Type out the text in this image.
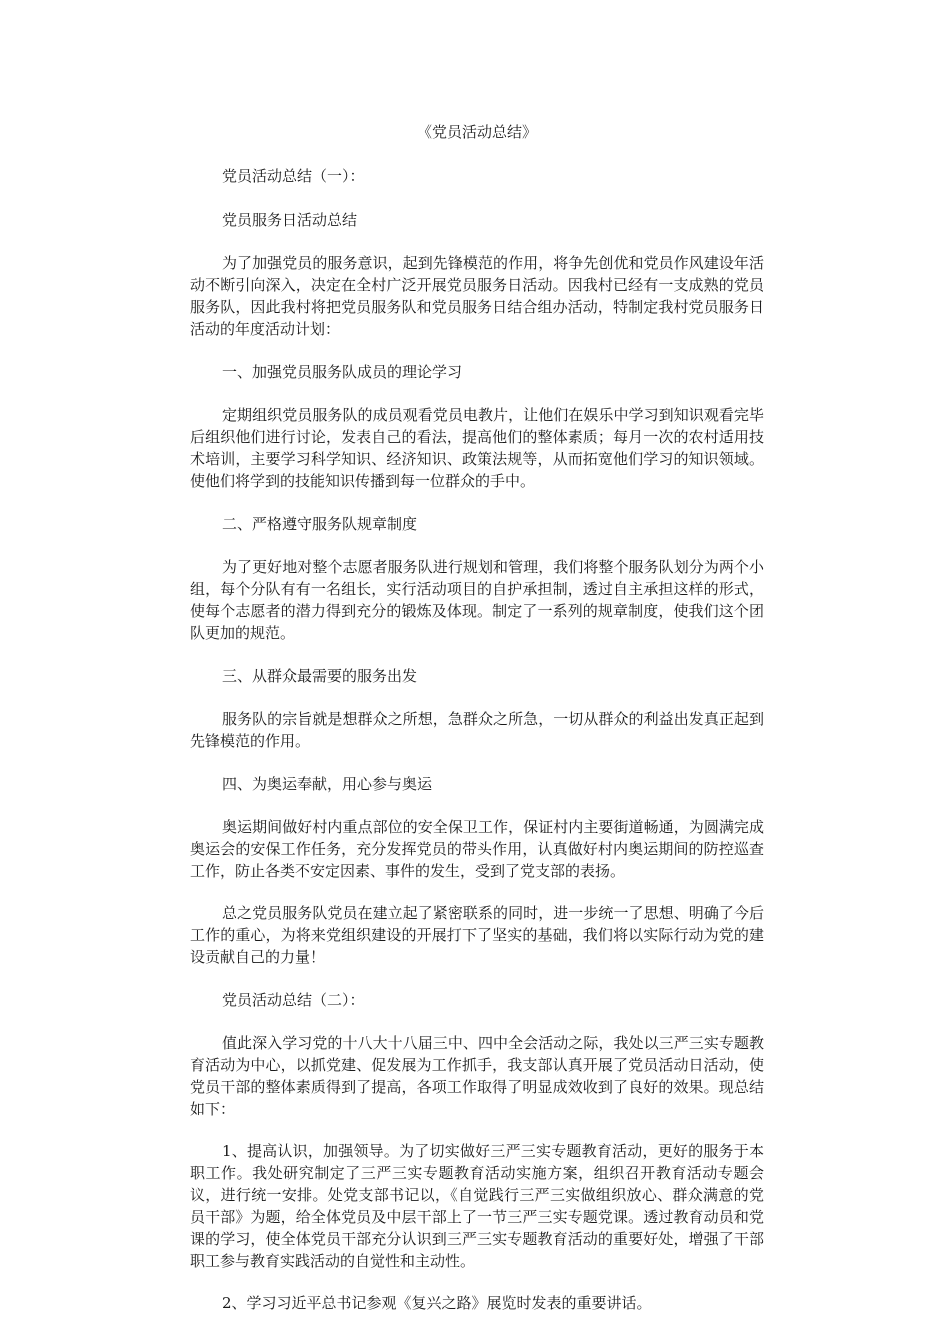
《党员活动总结》
党员活动总结（一）：
党员服务日活动总结

为了加强党员的服务意识，起到先锋模范的作用，将争先创优和党员作风建设年活动不断引向深入，决定在全村广泛开展党员服务日活动。因我村已经有一支成熟的党员服务队，因此我村将把党员服务队和党员服务日结合组办活动，特制定我村党员服务日活动的年度活动计划：

一、加强党员服务队成员的理论学习

定期组织党员服务队的成员观看党员电教片，让他们在娱乐中学习到知识观看完毕后组织他们进行讨论，发表自己的看法，提高他们的整体素质；每月一次的农村适用技术培训，主要学习科学知识、经济知识、政策法规等，从而拓宽他们学习的知识领域。使他们将学到的技能知识传播到每一位群众的手中。

二、严格遵守服务队规章制度

为了更好地对整个志愿者服务队进行规划和管理，我们将整个服务队划分为两个小组，每个分队有有一名组长，实行活动项目的自护承担制，透过自主承担这样的形式，使每个志愿者的潜力得到充分的锻炼及体现。制定了一系列的规章制度，使我们这个团队更加的规范。

三、从群众最需要的服务出发

服务队的宗旨就是想群众之所想，急群众之所急，一切从群众的利益出发真正起到先锋模范的作用。

四、为奥运奉献，用心参与奥运

奥运期间做好村内重点部位的安全保卫工作，保证村内主要街道畅通，为圆满完成奥运会的安保工作任务，充分发挥党员的带头作用，认真做好村内奥运期间的防控巡查工作，防止各类不安定因素、事件的发生，受到了党支部的表扬。

总之党员服务队党员在建立起了紧密联系的同时，进一步统一了思想、明确了今后工作的重心，为将来党组织建设的开展打下了坚实的基础，我们将以实际行动为党的建设贡献自己的力量！

党员活动总结（二）：

值此深入学习党的十八大十八届三中、四中全会活动之际，我处以三严三实专题教育活动为中心，以抓党建、促发展为工作抓手，我支部认真开展了党员活动日活动，使党员干部的整体素质得到了提高，各项工作取得了明显成效收到了良好的效果。现总结如下：

1、提高认识，加强领导。为了切实做好三严三实专题教育活动，更好的服务于本职工作。我处研究制定了三严三实专题教育活动实施方案，组织召开教育活动专题会议，进行统一安排。处党支部书记以，《自觉践行三严三实做组织放心、群众满意的党员干部》为题，给全体党员及中层干部上了一节三严三实专题党课。透过教育动员和党课的学习，使全体党员干部充分认识到三严三实专题教育活动的重要好处，增强了干部职工参与教育实践活动的自觉性和主动性。

2、学习习近平总书记参观《复兴之路》展览时发表的重要讲话。
